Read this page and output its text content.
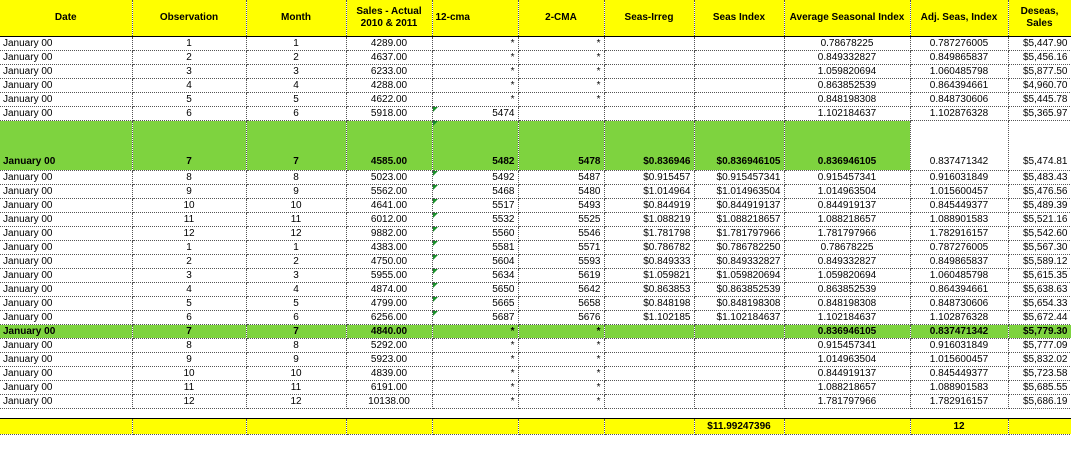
Date	Observation	Month	Sales - Actual 2010 & 2011	12-cma	2-CMA	Seas-Irreg	Seas Index	Average Seasonal Index	Adj. Seas, Index	Deseas, Sales
January 00	1	1	4289.00	*	*			0.78678225	0.787276005	$5,447.90
January 00	2	2	4637.00	*	*			0.849332827	0.849865837	$5,456.16
January 00	3	3	6233.00	*	*			1.059820694	1.060485798	$5,877.50
January 00	4	4	4288.00	*	*			0.863852539	0.864394661	$4,960.70
January 00	5	5	4622.00	*	*			0.848198308	0.848730606	$5,445.78
January 00	6	6	5918.00	5474				1.102184637	1.102876328	$5,365.97
January 00	7	7	4585.00	5482	5478	$0.836946	$0.836946105	0.836946105	0.837471342	$5,474.81
January 00	8	8	5023.00	5492	5487	$0.915457	$0.915457341	0.915457341	0.916031849	$5,483.43
January 00	9	9	5562.00	5468	5480	$1.014964	$1.014963504	1.014963504	1.015600457	$5,476.56
January 00	10	10	4641.00	5517	5493	$0.844919	$0.844919137	0.844919137	0.845449377	$5,489.39
January 00	11	11	6012.00	5532	5525	$1.088219	$1.088218657	1.088218657	1.088901583	$5,521.16
January 00	12	12	9882.00	5560	5546	$1.781798	$1.781797966	1.781797966	1.782916157	$5,542.60
January 00	1	1	4383.00	5581	5571	$0.786782	$0.786782250	0.78678225	0.787276005	$5,567.30
January 00	2	2	4750.00	5604	5593	$0.849333	$0.849332827	0.849332827	0.849865837	$5,589.12
January 00	3	3	5955.00	5634	5619	$1.059821	$1.059820694	1.059820694	1.060485798	$5,615.35
January 00	4	4	4874.00	5650	5642	$0.863853	$0.863852539	0.863852539	0.864394661	$5,638.63
January 00	5	5	4799.00	5665	5658	$0.848198	$0.848198308	0.848198308	0.848730606	$5,654.33
January 00	6	6	6256.00	5687	5676	$1.102185	$1.102184637	1.102184637	1.102876328	$5,672.44
January 00	7	7	4840.00	*	*			0.836946105	0.837471342	$5,779.30
January 00	8	8	5292.00	*	*			0.915457341	0.916031849	$5,777.09
January 00	9	9	5923.00	*	*			1.014963504	1.015600457	$5,832.02
January 00	10	10	4839.00	*	*			0.844919137	0.845449377	$5,723.58
January 00	11	11	6191.00	*	*			1.088218657	1.088901583	$5,685.55
January 00	12	12	10138.00	*	*			1.781797966	1.782916157	$5,686.19

							$11.99247396		12	
